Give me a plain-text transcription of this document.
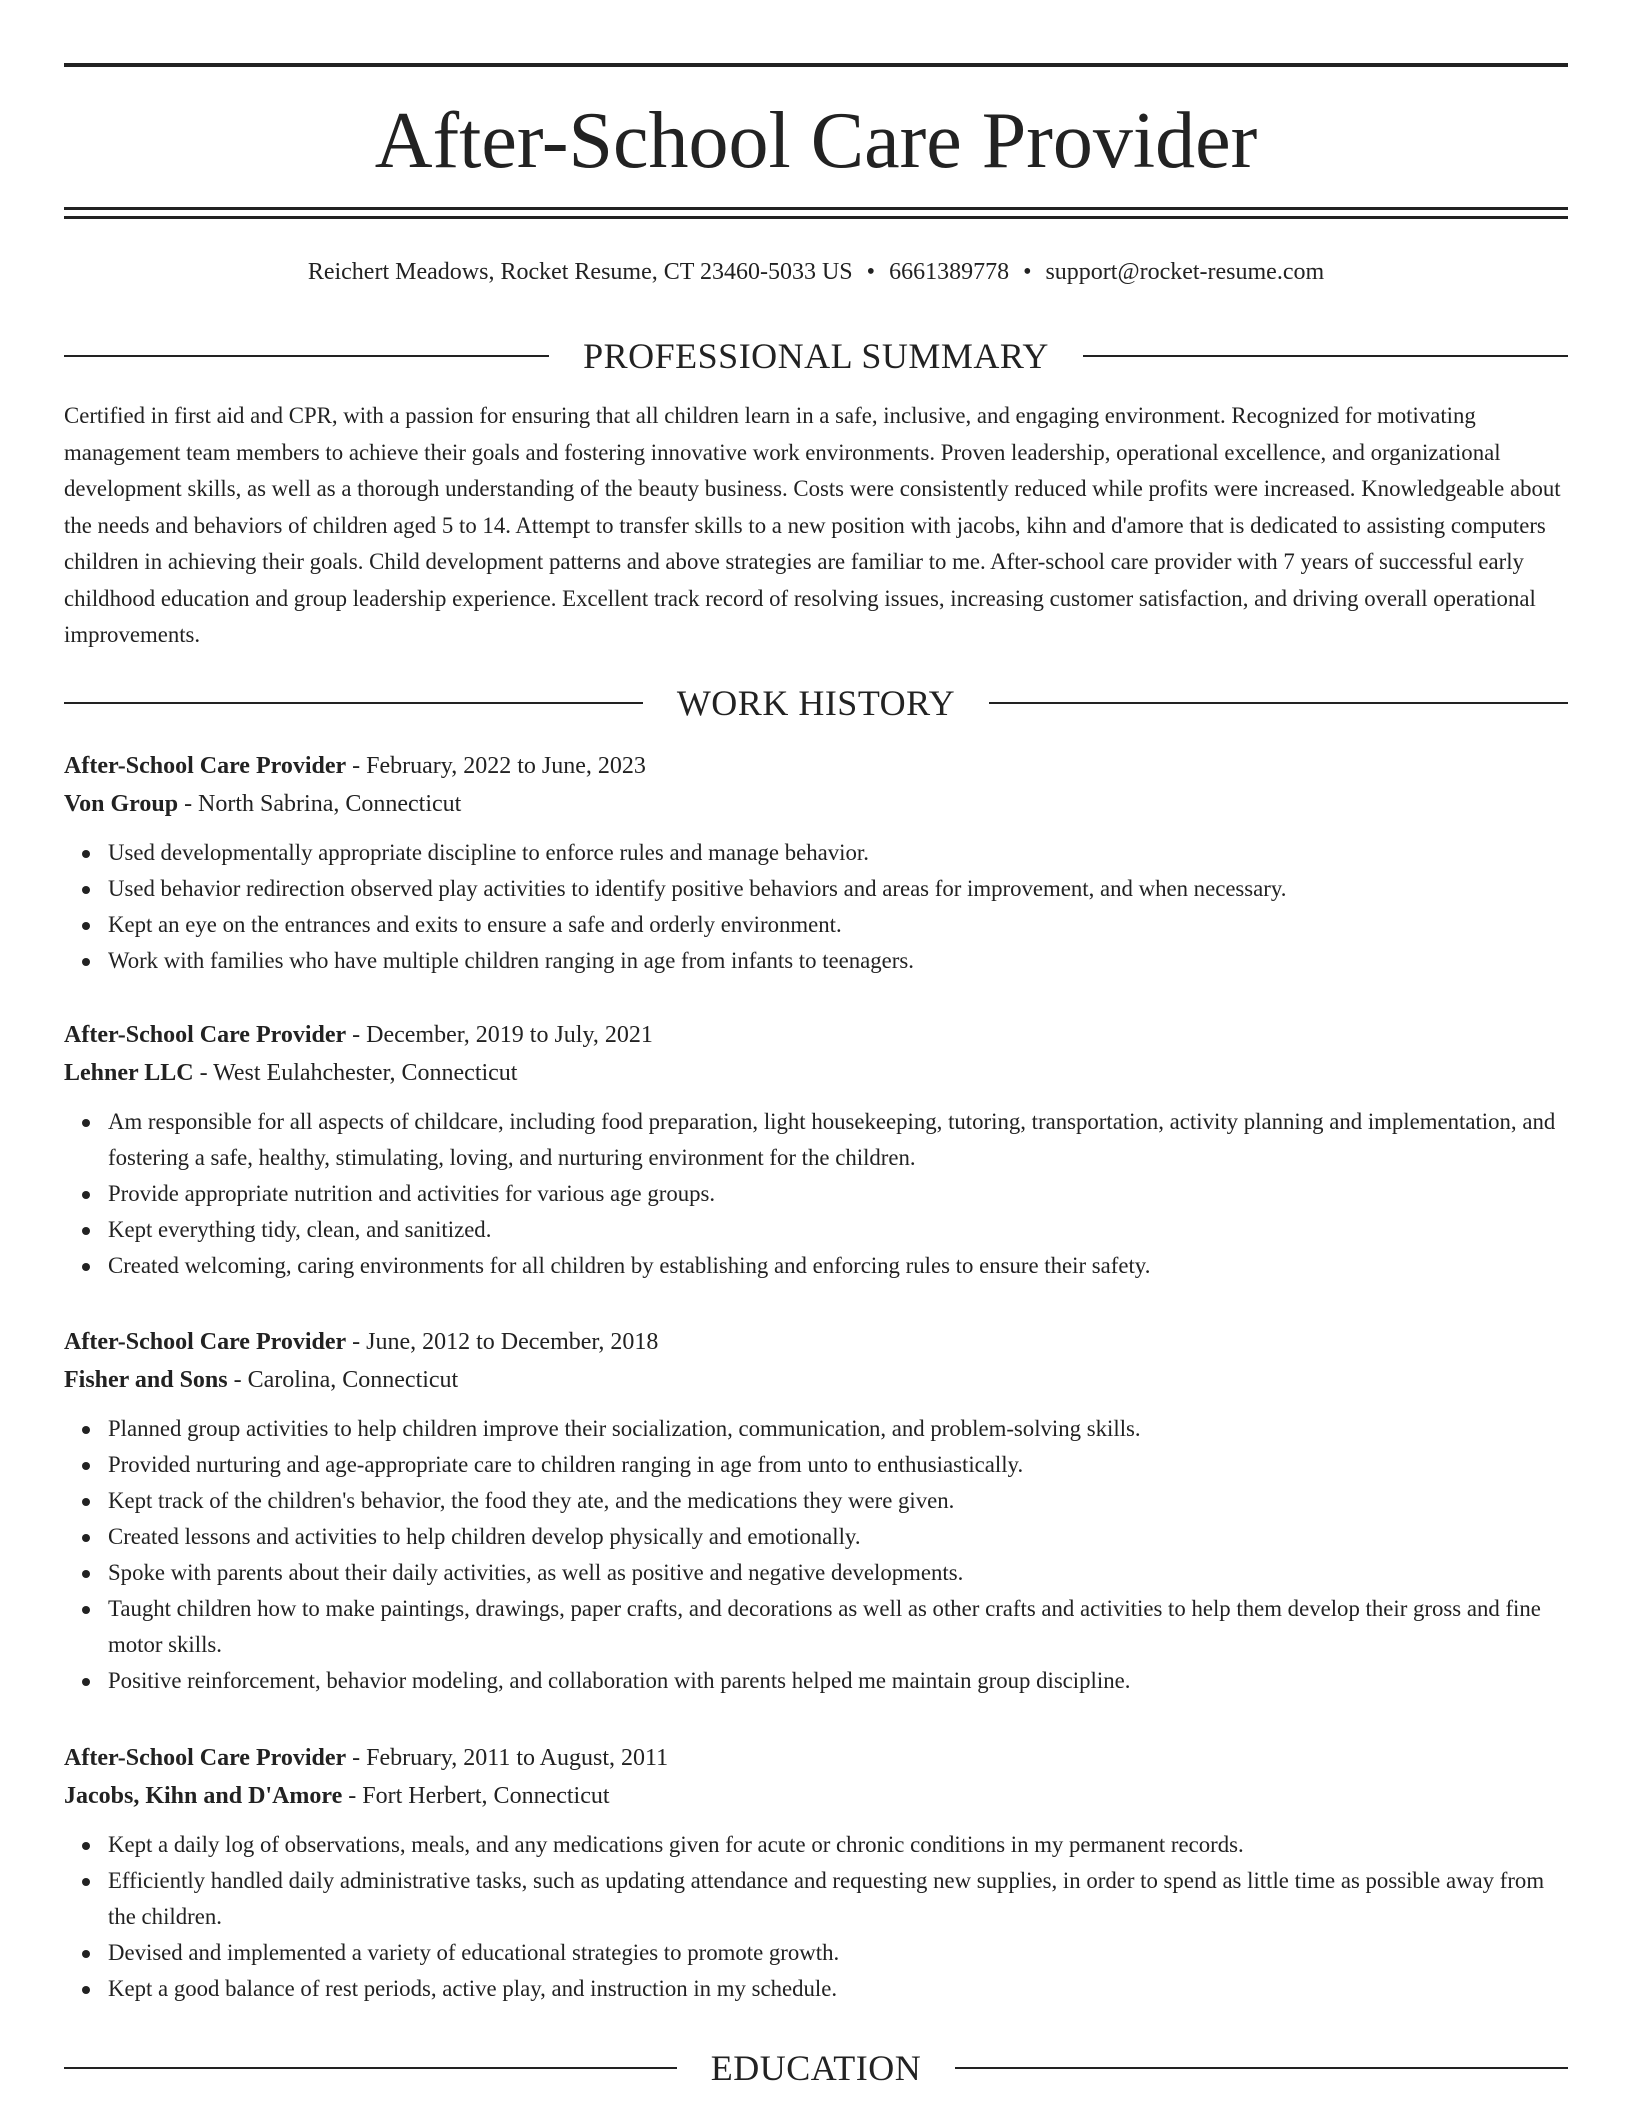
After-School Care Provider
Reichert Meadows, Rocket Resume, CT 23460-5033 US • 6661389778 • support@rocket-resume.com
PROFESSIONAL SUMMARY

Certified in first aid and CPR, with a passion for ensuring that all children learn in a safe, inclusive, and engaging environment. Recognized for motivating management team members to achieve their goals and fostering innovative work environments. Proven leadership, operational excellence, and organizational development skills, as well as a thorough understanding of the beauty business. Costs were consistently reduced while profits were increased. Knowledgeable about the needs and behaviors of children aged 5 to 14. Attempt to transfer skills to a new position with jacobs, kihn and d'amore that is dedicated to assisting computers children in achieving their goals. Child development patterns and above strategies are familiar to me. After-school care provider with 7 years of successful early childhood education and group leadership experience. Excellent track record of resolving issues, increasing customer satisfaction, and driving overall operational improvements.

WORK HISTORY
After-School Care Provider - February, 2022 to June, 2023
Von Group - North Sabrina, Connecticut
Used developmentally appropriate discipline to enforce rules and manage behavior.
Used behavior redirection observed play activities to identify positive behaviors and areas for improvement, and when necessary.
Kept an eye on the entrances and exits to ensure a safe and orderly environment.
Work with families who have multiple children ranging in age from infants to teenagers.
After-School Care Provider - December, 2019 to July, 2021
Lehner LLC - West Eulahchester, Connecticut
Am responsible for all aspects of childcare, including food preparation, light housekeeping, tutoring, transportation, activity planning and implementation, and fostering a safe, healthy, stimulating, loving, and nurturing environment for the children.
Provide appropriate nutrition and activities for various age groups.
Kept everything tidy, clean, and sanitized.
Created welcoming, caring environments for all children by establishing and enforcing rules to ensure their safety.
After-School Care Provider - June, 2012 to December, 2018
Fisher and Sons - Carolina, Connecticut
Planned group activities to help children improve their socialization, communication, and problem-solving skills.
Provided nurturing and age-appropriate care to children ranging in age from unto to enthusiastically.
Kept track of the children's behavior, the food they ate, and the medications they were given.
Created lessons and activities to help children develop physically and emotionally.
Spoke with parents about their daily activities, as well as positive and negative developments.
Taught children how to make paintings, drawings, paper crafts, and decorations as well as other crafts and activities to help them develop their gross and fine motor skills.
Positive reinforcement, behavior modeling, and collaboration with parents helped me maintain group discipline.
After-School Care Provider - February, 2011 to August, 2011
Jacobs, Kihn and D'Amore - Fort Herbert, Connecticut
Kept a daily log of observations, meals, and any medications given for acute or chronic conditions in my permanent records.
Efficiently handled daily administrative tasks, such as updating attendance and requesting new supplies, in order to spend as little time as possible away from the children.
Devised and implemented a variety of educational strategies to promote growth.
Kept a good balance of rest periods, active play, and instruction in my schedule.
EDUCATION
